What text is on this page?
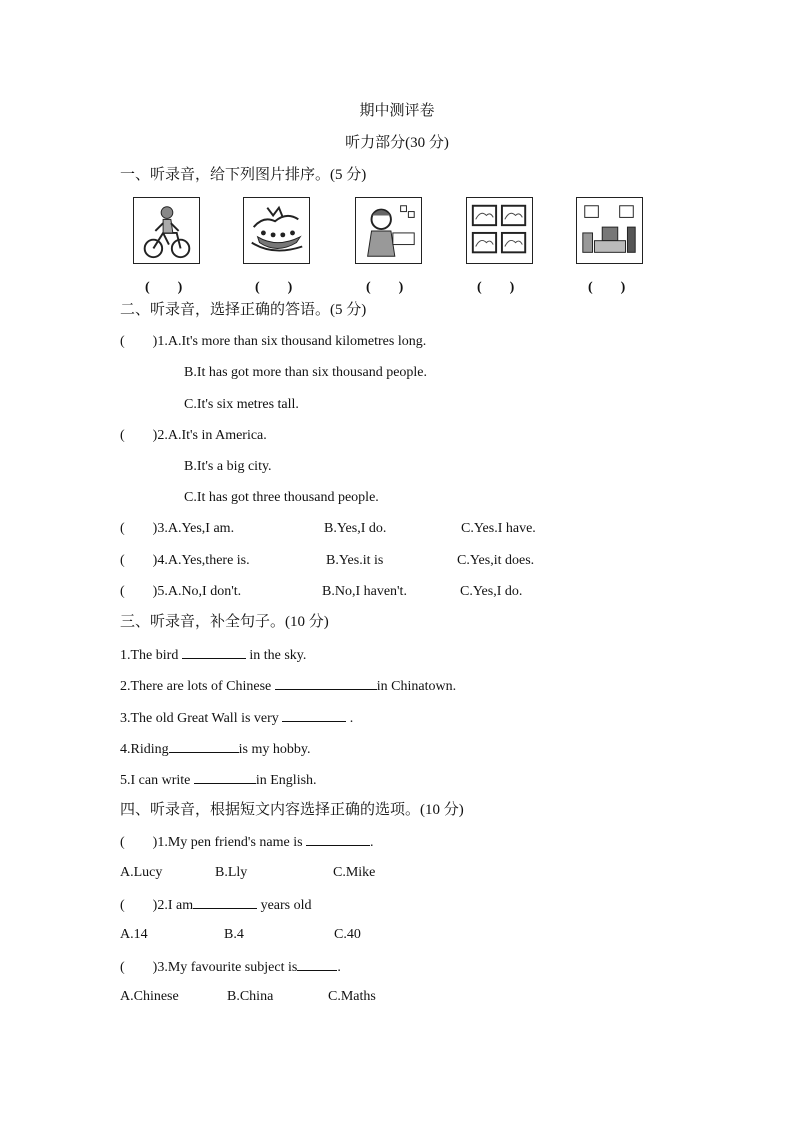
期中测评卷
听力部分(30 分)
一、听录音，给下列图片排序。(5 分)
(　　)	(　　)	(　　)	(　　)	(　　)
二、听录音，选择正确的答语。(5 分)
(　　)1.A.It's more than six thousand kilometres long.
B.It has got more than six thousand people.
C.It's six metres tall.
(　　)2.A.It's in America.
B.It's a big city.
C.It has got three thousand people.
(　　)3.A.Yes,I am.	B.Yes,I do.	C.Yes.I have.
(　　)4.A.Yes,there is.	B.Yes.it is	C.Yes,it does.
(　　)5.A.No,I don't.	B.No,I haven't.	C.Yes,I do.
三、听录音，补全句子。(10 分)
1.The bird	in the sky.
2.There are lots of Chinese	in Chinatown.
3.The old Great Wall is very	.
4.Riding	is my hobby.
5.I can write	in English.
四、听录音，根据短文内容选择正确的选项。(10 分)
(　　)1.My pen friend's name is	.
A.Lucy	B.Lly	C.Mike
(　　)2.I am	years old
A.14	B.4	C.40
(　　)3.My favourite subject is	.
A.Chinese	B.China	C.Maths
